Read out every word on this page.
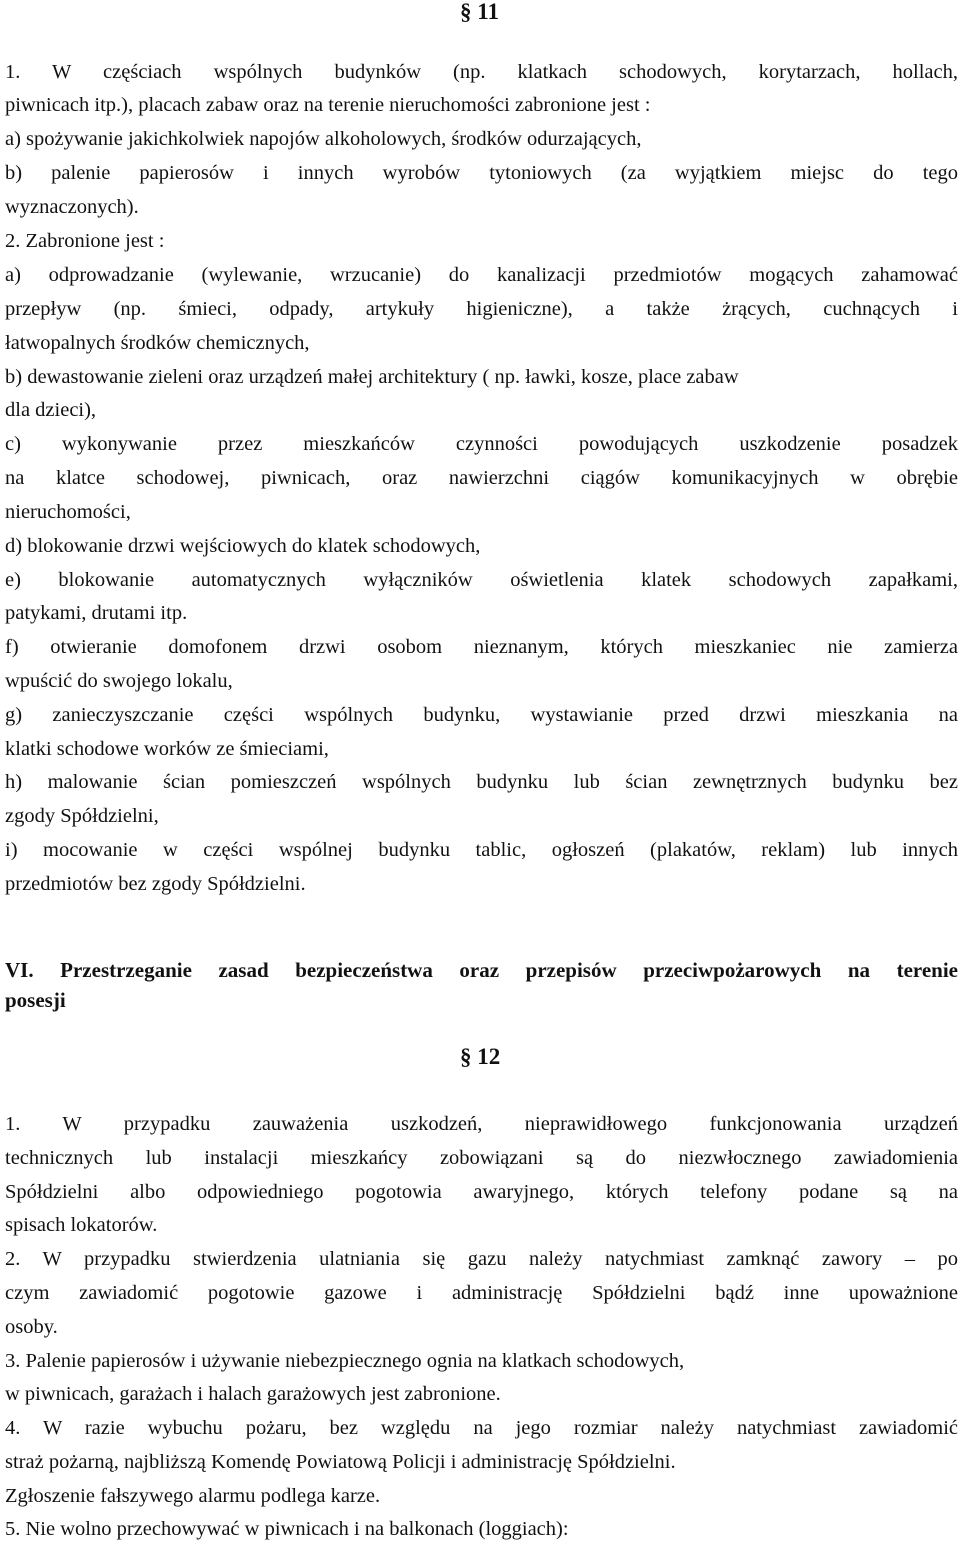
§ 11
1. W częściach wspólnych budynków (np. klatkach schodowych, korytarzach, hollach,
piwnicach itp.), placach zabaw oraz na terenie nieruchomości zabronione jest :
a) spożywanie jakichkolwiek napojów alkoholowych, środków odurzających,
b) palenie papierosów i innych wyrobów tytoniowych (za wyjątkiem miejsc do tego
wyznaczonych).
2. Zabronione jest :
a) odprowadzanie (wylewanie, wrzucanie) do kanalizacji przedmiotów mogących zahamować
przepływ (np. śmieci, odpady, artykuły higieniczne), a także żrących, cuchnących i
łatwopalnych środków chemicznych,
b) dewastowanie zieleni oraz urządzeń małej architektury ( np. ławki, kosze, place zabaw
dla dzieci),
c) wykonywanie przez mieszkańców czynności powodujących uszkodzenie posadzek
na klatce schodowej, piwnicach, oraz nawierzchni ciągów komunikacyjnych w obrębie
nieruchomości,
d) blokowanie drzwi wejściowych do klatek schodowych,
e) blokowanie automatycznych wyłączników oświetlenia klatek schodowych zapałkami,
patykami, drutami itp.
f) otwieranie domofonem drzwi osobom nieznanym, których mieszkaniec nie zamierza
wpuścić do swojego lokalu,
g) zanieczyszczanie części wspólnych budynku, wystawianie przed drzwi mieszkania na
klatki schodowe worków ze śmieciami,
h) malowanie ścian pomieszczeń wspólnych budynku lub ścian zewnętrznych budynku bez
zgody Spółdzielni,
i) mocowanie w części wspólnej budynku tablic, ogłoszeń (plakatów, reklam) lub innych
przedmiotów bez zgody Spółdzielni.
VI. Przestrzeganie zasad bezpieczeństwa oraz przepisów przeciwpożarowych na terenie
posesji
§ 12
1. W przypadku zauważenia uszkodzeń, nieprawidłowego funkcjonowania urządzeń
technicznych lub instalacji mieszkańcy zobowiązani są do niezwłocznego zawiadomienia
Spółdzielni albo odpowiedniego pogotowia awaryjnego, których telefony podane są na
spisach lokatorów.
2. W przypadku stwierdzenia ulatniania się gazu należy natychmiast zamknąć zawory – po
czym zawiadomić pogotowie gazowe i administrację Spółdzielni bądź inne upoważnione
osoby.
3. Palenie papierosów i używanie niebezpiecznego ognia na klatkach schodowych,
w piwnicach, garażach i halach garażowych jest zabronione.
4. W razie wybuchu pożaru, bez względu na jego rozmiar należy natychmiast zawiadomić
straż pożarną, najbliższą Komendę Powiatową Policji i administrację Spółdzielni.
Zgłoszenie fałszywego alarmu podlega karze.
5. Nie wolno przechowywać w piwnicach i na balkonach (loggiach):
